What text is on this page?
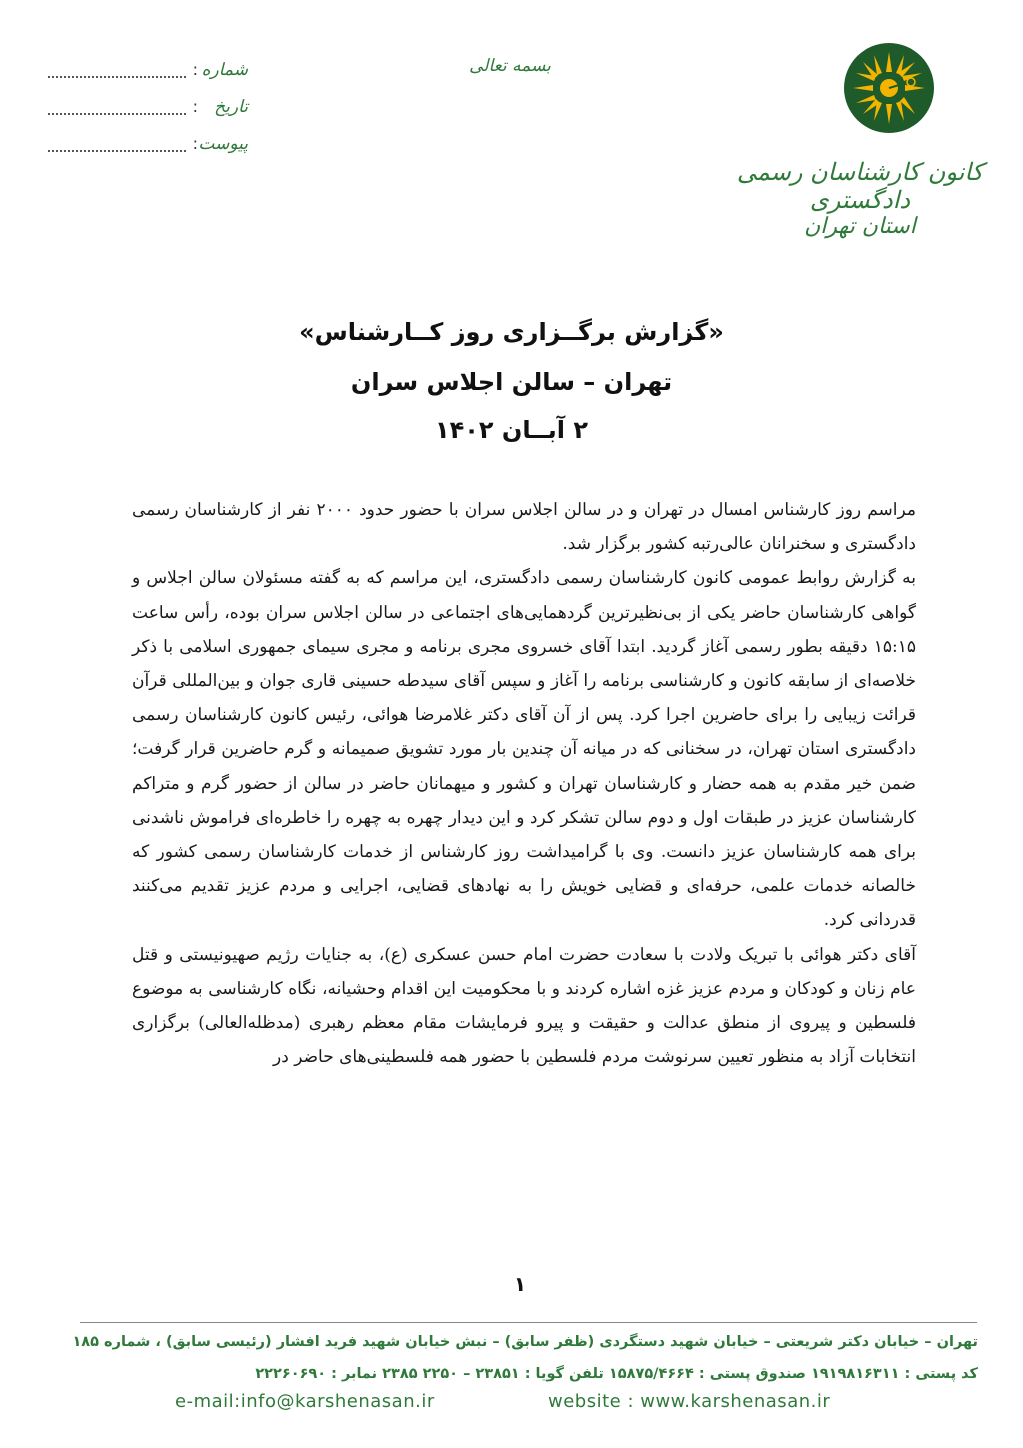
شماره
:
تاریخ
:
پیوست
:
بسمه تعالی
کانون کارشناسان رسمی دادگستری
استان تهران
«گزارش برگــزاری روز کــارشناس»
تهران – سالن اجلاس سران
۲ آبــان ۱۴۰۲

مراسم روز کارشناس امسال در تهران و در سالن اجلاس سران با حضور حدود ۲۰۰۰ نفر از کارشناسان رسمی دادگستری و سخنرانان عالی‌رتبه کشور برگزار شد.

به گزارش روابط عمومی کانون کارشناسان رسمی دادگستری، این مراسم که به گفته مسئولان سالن اجلاس و گواهی کارشناسان حاضر یکی از بی‌نظیرترین گردهمایی‌های اجتماعی در سالن اجلاس سران بوده، رأس ساعت ۱۵:۱۵ دقیقه بطور رسمی آغاز گردید. ابتدا آقای خسروی مجری برنامه و مجری سیمای جمهوری اسلامی با ذکر خلاصه‌ای از سابقه کانون و کارشناسی برنامه را آغاز و سپس آقای سیدطه حسینی قاری جوان و بین‌المللی قرآن قرائت زیبایی را برای حاضرین اجرا کرد. پس از آن آقای دکتر غلامرضا هوائی، رئیس کانون کارشناسان رسمی دادگستری استان تهران، در سخنانی که در میانه آن چندین بار مورد تشویق صمیمانه و گرم حاضرین قرار گرفت؛ ضمن خیر مقدم به همه حضار و کارشناسان تهران و کشور و میهمانان حاضر در سالن از حضور گرم و متراکم کارشناسان عزیز در طبقات اول و دوم سالن تشکر کرد و این دیدار چهره به چهره را خاطره‌ای فراموش ناشدنی برای همه کارشناسان عزیز دانست. وی با گرامیداشت روز کارشناس از خدمات کارشناسان رسمی کشور که خالصانه خدمات علمی، حرفه‌ای و قضایی خویش را به نهادهای قضایی، اجرایی و مردم عزیز تقدیم می‌کنند قدردانی کرد.

آقای دکتر هوائی با تبریک ولادت با سعادت حضرت امام حسن عسکری (ع)، به جنایات رژیم صهیونیستی و قتل عام زنان و کودکان و مردم عزیز غزه اشاره کردند و با محکومیت این اقدام وحشیانه، نگاه کارشناسی به موضوع فلسطین و پیروی از منطق عدالت و حقیقت و پیرو فرمایشات مقام معظم رهبری (مدظله‌العالی) برگزاری انتخابات آزاد به منظور تعیین سرنوشت مردم فلسطین با حضور همه فلسطینی‌های حاضر در

۱
تهران – خیابان دکتر شریعتی – خیابان شهید دستگردی (ظفر سابق) – نبش خیابان شهید فرید افشار (رئیسی سابق) ، شماره ۱۸۵
کد پستی : ۱۹۱۹۸۱۶۳۱۱ صندوق پستی : ۱۵۸۷۵/۴۶۶۴ تلفن گویا : ۲۳۸۵۱ – ۲۲۵۰ ۲۳۸۵ نمابر : ۲۲۲۶۰۶۹۰
e-mail:info@karshenasan.ir	website : www.karshenasan.ir
